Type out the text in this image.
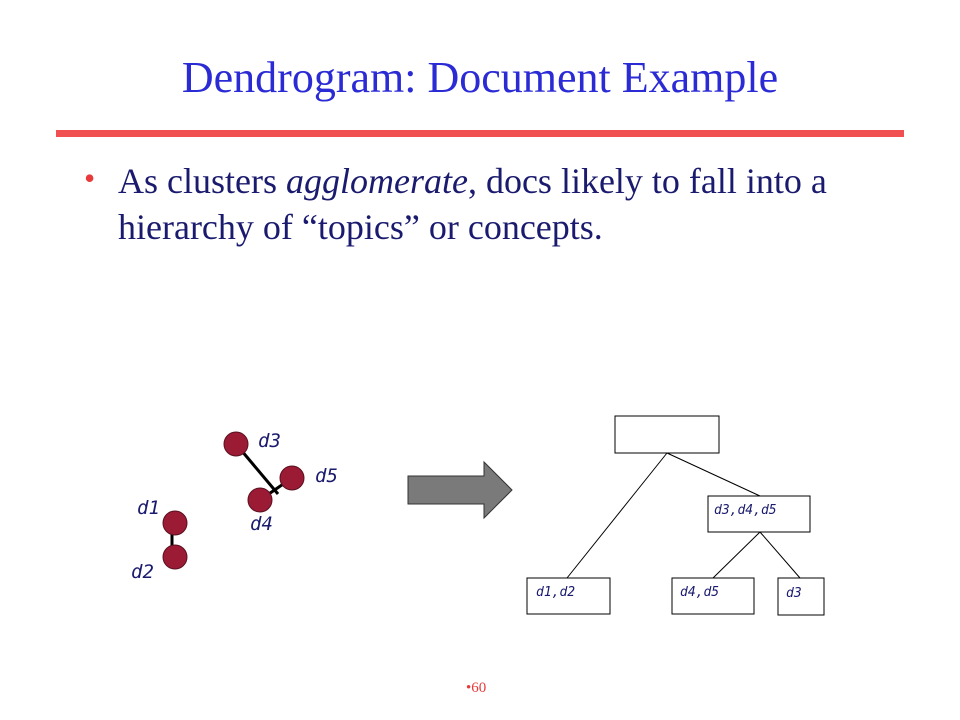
Dendrogram: Document Example
• As clusters agglomerate, docs likely to fall into a hierarchy of “topics” or concepts.
d3
d5
d4
d1
d2
d3,d4,d5
d1,d2	d4,d5	d3
•60
